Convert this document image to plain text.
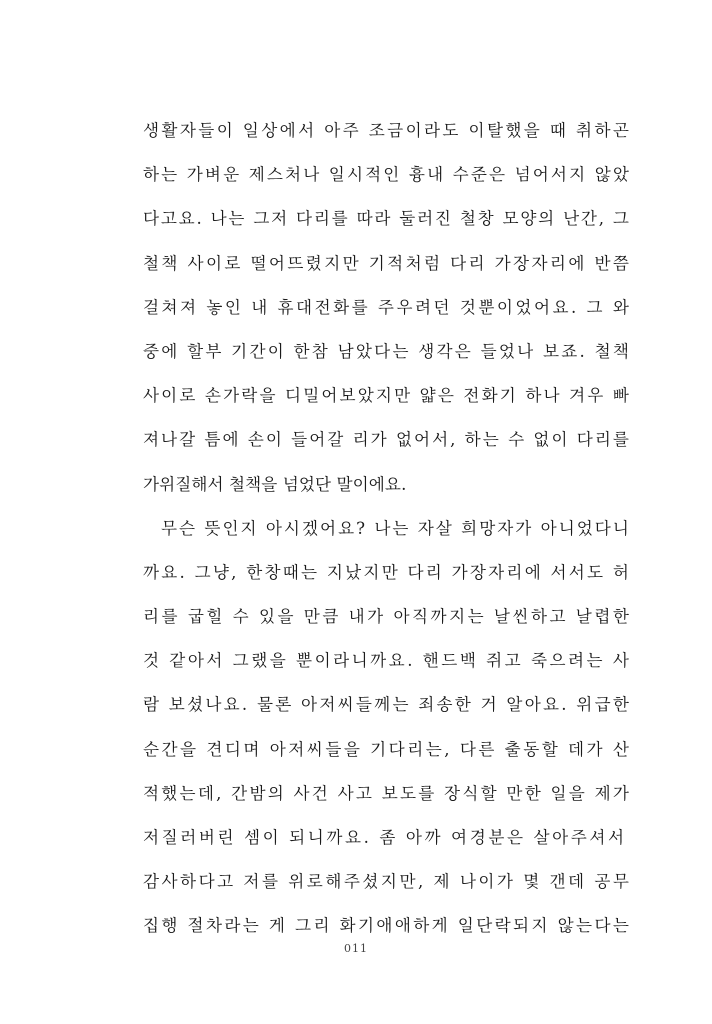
생활자들이 일상에서 아주 조금이라도 이탈했을 때 취하곤
하는 가벼운 제스처나 일시적인 흉내 수준은 넘어서지 않았
다고요. 나는 그저 다리를 따라 둘러진 철창 모양의 난간, 그
철책 사이로 떨어뜨렸지만 기적처럼 다리 가장자리에 반쯤
걸쳐져 놓인 내 휴대전화를 주우려던 것뿐이었어요. 그 와
중에 할부 기간이 한참 남았다는 생각은 들었나 보죠. 철책
사이로 손가락을 디밀어보았지만 얇은 전화기 하나 겨우 빠
져나갈 틈에 손이 들어갈 리가 없어서, 하는 수 없이 다리를
가위질해서 철책을 넘었단 말이에요.
무슨 뜻인지 아시겠어요? 나는 자살 희망자가 아니었다니
까요. 그냥, 한창때는 지났지만 다리 가장자리에 서서도 허
리를 굽힐 수 있을 만큼 내가 아직까지는 날씬하고 날렵한
것 같아서 그랬을 뿐이라니까요. 핸드백 쥐고 죽으려는 사
람 보셨나요. 물론 아저씨들께는 죄송한 거 알아요. 위급한
순간을 견디며 아저씨들을 기다리는, 다른 출동할 데가 산
적했는데, 간밤의 사건 사고 보도를 장식할 만한 일을 제가
저질러버린 셈이 되니까요. 좀 아까 여경분은 살아주셔서
감사하다고 저를 위로해주셨지만, 제 나이가 몇 갠데 공무
집행 절차라는 게 그리 화기애애하게 일단락되지 않는다는
011
